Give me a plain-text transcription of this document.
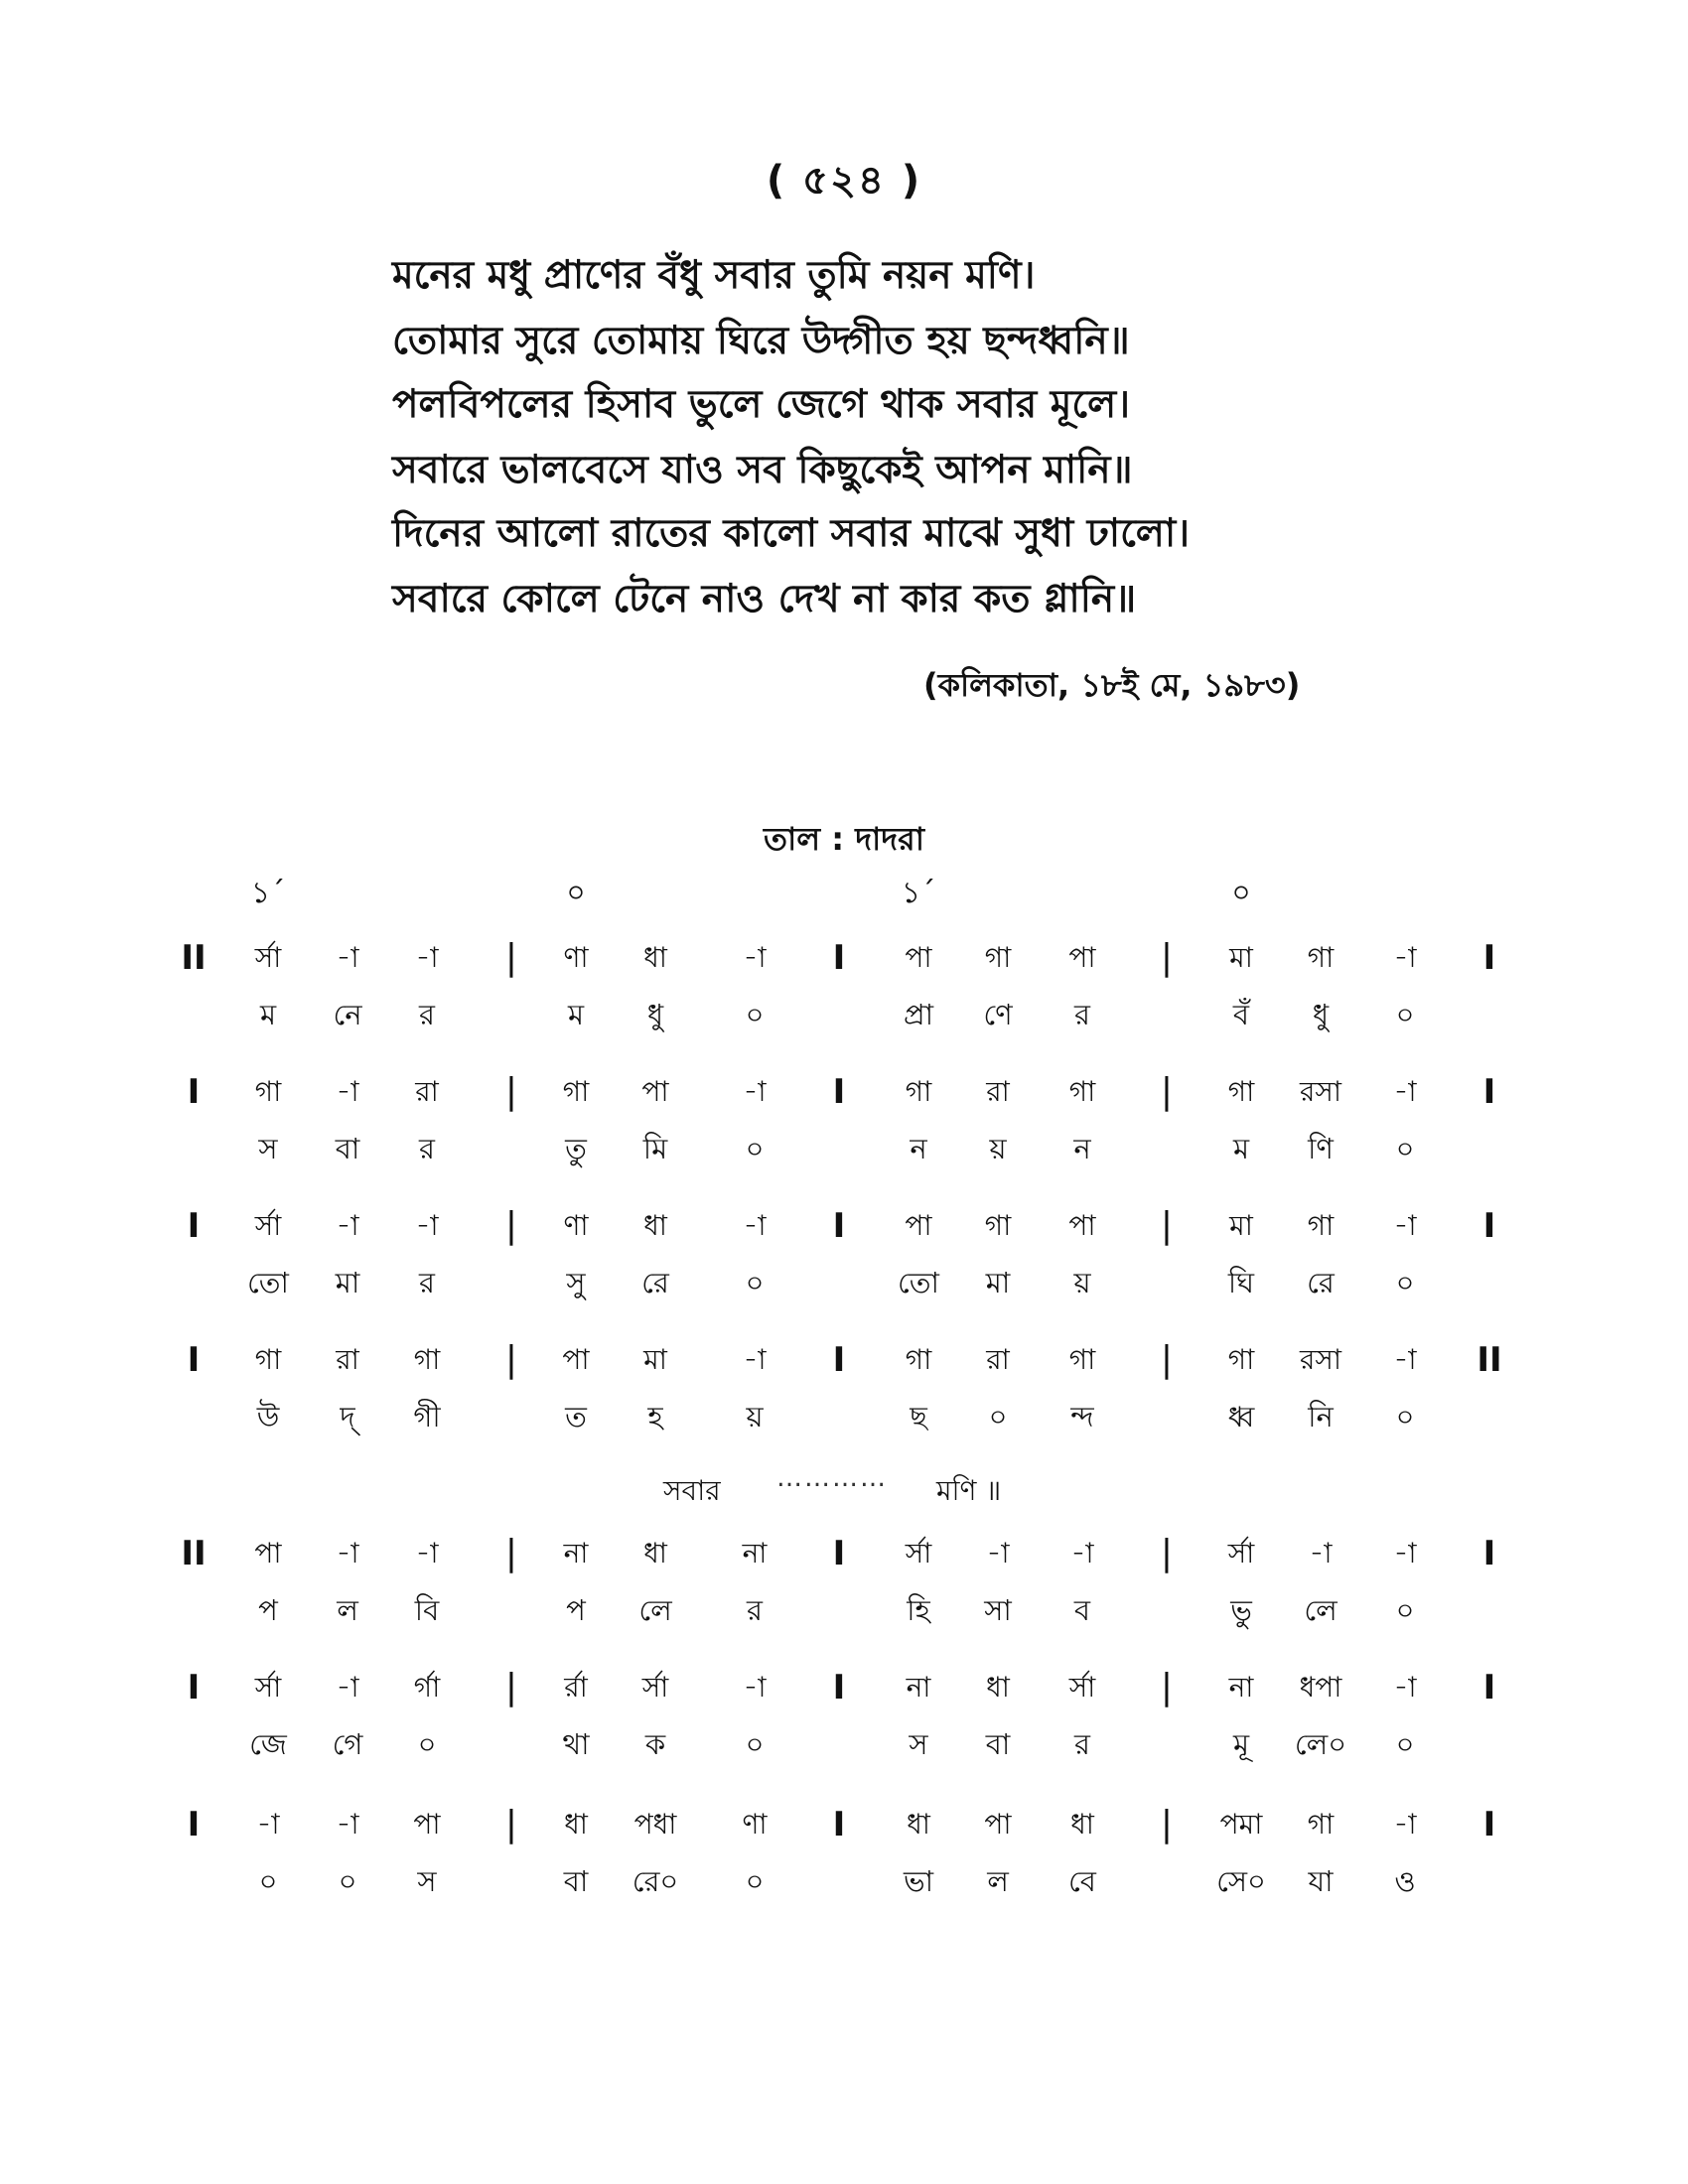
( ৫২৪ )
মনের মধু প্রাণের বঁধু সবার তুমি নয়ন মণি।
তোমার সুরে তোমায় ঘিরে উদ্গীত হয় ছন্দধ্বনি॥
পলবিপলের হিসাব ভুলে জেগে থাক সবার মূলে।
সবারে ভালবেসে যাও সব কিছুকেই আপন মানি॥
দিনের আলো রাতের কালো সবার মাঝে সুধা ঢালো।
সবারে কোলে টেনে নাও দেখ না কার কত গ্লানি॥
(কলিকাতা, ১৮ই মে, ১৯৮৩)
তাল : দাদরা
১´	০	১´	০
II	র্সা	-া	-া	|	ণা	ধা	-া	I	পা	গা	পা	|	মা	গা	-া	I
ম	নে	র	ম	ধু	০	প্রা	ণে	র	বঁ	ধু	০
I	গা	-া	রা	|	গা	পা	-া	I	গা	রা	গা	|	গা	রসা	-া	I
স	বা	র	তু	মি	০	ন	য়	ন	ম	ণি	০
I	র্সা	-া	-া	|	ণা	ধা	-া	I	পা	গা	পা	|	মা	গা	-া	I
তো	মা	র	সু	রে	০	তো	মা	য়	ঘি	রে	০
I	গা	রা	গা	|	পা	মা	-া	I	গা	রা	গা	|	গা	রসা	-া	II
উ	দ্	গী	ত	হ	য়	ছ	০	ন্দ	ধ্ব	নি	০
II	পা	-া	-া	|	না	ধা	না	I	র্সা	-া	-া	|	র্সা	-া	-া	I
প	ল	বি	প	লে	র	হি	সা	ব	ভু	লে	০
I	র্সা	-া	র্গা	|	র্রা	র্সা	-া	I	না	ধা	র্সা	|	না	ধপা	-া	I
জে	গে	০	থা	ক	০	স	বা	র	মূ	লে০	০
I	-া	-া	পা	|	ধা	পধা	ণা	I	ধা	পা	ধা	|	পমা	গা	-া	I
০	০	স	বা	রে০	০	ভা	ল	বে	সে০	যা	ও
সবার ………… মণি ॥
